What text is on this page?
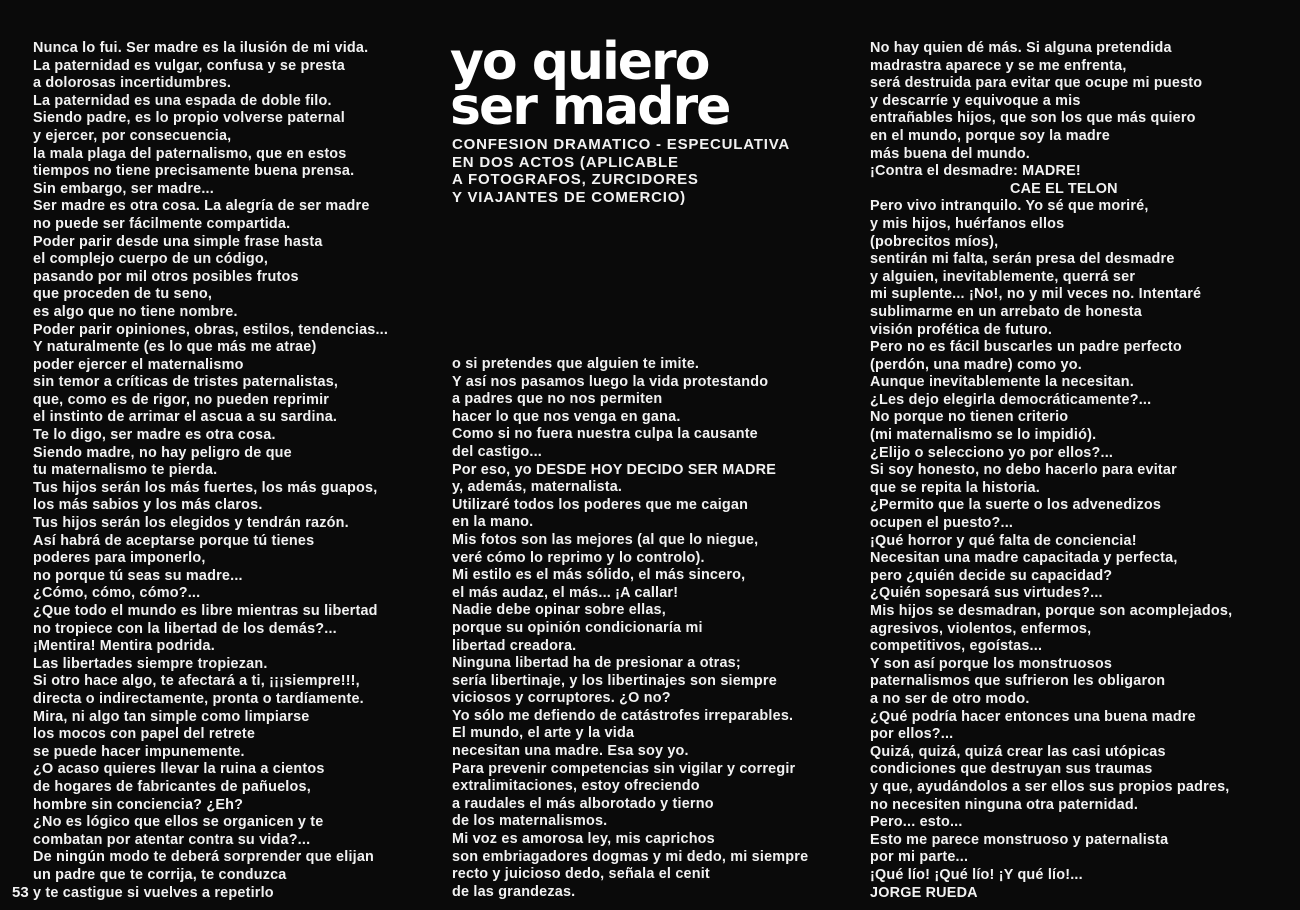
yo quiero
ser madre
CONFESION DRAMATICO - ESPECULATIVA
EN DOS ACTOS (APLICABLE
A FOTOGRAFOS, ZURCIDORES
Y VIAJANTES DE COMERCIO)
Nunca lo fui. Ser madre es la ilusión de mi vida.
La paternidad es vulgar, confusa y se presta
a dolorosas incertidumbres.
La paternidad es una espada de doble filo.
Siendo padre, es lo propio volverse paternal
y ejercer, por consecuencia,
la mala plaga del paternalismo, que en estos
tiempos no tiene precisamente buena prensa.
Sin embargo, ser madre...
Ser madre es otra cosa. La alegría de ser madre
no puede ser fácilmente compartida.
Poder parir desde una simple frase hasta
el complejo cuerpo de un código,
pasando por mil otros posibles frutos
que proceden de tu seno,
es algo que no tiene nombre.
Poder parir opiniones, obras, estilos, tendencias...
Y naturalmente (es lo que más me atrae)
poder ejercer el maternalismo
sin temor a críticas de tristes paternalistas,
que, como es de rigor, no pueden reprimir
el instinto de arrimar el ascua a su sardina.
Te lo digo, ser madre es otra cosa.
Siendo madre, no hay peligro de que
tu maternalismo te pierda.
Tus hijos serán los más fuertes, los más guapos,
los más sabios y los más claros.
Tus hijos serán los elegidos y tendrán razón.
Así habrá de aceptarse porque tú tienes
poderes para imponerlo,
no porque tú seas su madre...
¿Cómo, cómo, cómo?...
¿Que todo el mundo es libre mientras su libertad
no tropiece con la libertad de los demás?...
¡Mentira! Mentira podrida.
Las libertades siempre tropiezan.
Si otro hace algo, te afectará a ti, ¡¡¡siempre!!!,
directa o indirectamente, pronta o tardíamente.
Mira, ni algo tan simple como limpiarse
los mocos con papel del retrete
se puede hacer impunemente.
¿O acaso quieres llevar la ruina a cientos
de hogares de fabricantes de pañuelos,
hombre sin conciencia? ¿Eh?
¿No es lógico que ellos se organicen y te
combatan por atentar contra su vida?...
De ningún modo te deberá sorprender que elijan
un padre que te corrija, te conduzca
y te castigue si vuelves a repetirlo
o si pretendes que alguien te imite.
Y así nos pasamos luego la vida protestando
a padres que no nos permiten
hacer lo que nos venga en gana.
Como si no fuera nuestra culpa la causante
del castigo...
Por eso, yo DESDE HOY DECIDO SER MADRE
y, además, maternalista.
Utilizaré todos los poderes que me caigan
en la mano.
Mis fotos son las mejores (al que lo niegue,
veré cómo lo reprimo y lo controlo).
Mi estilo es el más sólido, el más sincero,
el más audaz, el más... ¡A callar!
Nadie debe opinar sobre ellas,
porque su opinión condicionaría mi
libertad creadora.
Ninguna libertad ha de presionar a otras;
sería libertinaje, y los libertinajes son siempre
viciosos y corruptores. ¿O no?
Yo sólo me defiendo de catástrofes irreparables.
El mundo, el arte y la vida
necesitan una madre. Esa soy yo.
Para prevenir competencias sin vigilar y corregir
extralimitaciones, estoy ofreciendo
a raudales el más alborotado y tierno
de los maternalismos.
Mi voz es amorosa ley, mis caprichos
son embriagadores dogmas y mi dedo, mi siempre
recto y juicioso dedo, señala el cenit
de las grandezas.
No hay quien dé más. Si alguna pretendida
madrastra aparece y se me enfrenta,
será destruida para evitar que ocupe mi puesto
y descarríe y equivoque a mis
entrañables hijos, que son los que más quiero
en el mundo, porque soy la madre
más buena del mundo.
¡Contra el desmadre: MADRE!
CAE EL TELON
Pero vivo intranquilo. Yo sé que moriré,
y mis hijos, huérfanos ellos
(pobrecitos míos),
sentirán mi falta, serán presa del desmadre
y alguien, inevitablemente, querrá ser
mi suplente... ¡No!, no y mil veces no. Intentaré
sublimarme en un arrebato de honesta
visión profética de futuro.
Pero no es fácil buscarles un padre perfecto
(perdón, una madre) como yo.
Aunque inevitablemente la necesitan.
¿Les dejo elegirla democráticamente?...
No porque no tienen criterio
(mi maternalismo se lo impidió).
¿Elijo o selecciono yo por ellos?...
Si soy honesto, no debo hacerlo para evitar
que se repita la historia.
¿Permito que la suerte o los advenedizos
ocupen el puesto?...
¡Qué horror y qué falta de conciencia!
Necesitan una madre capacitada y perfecta,
pero ¿quién decide su capacidad?
¿Quién sopesará sus virtudes?...
Mis hijos se desmadran, porque son acomplejados,
agresivos, violentos, enfermos,
competitivos, egoístas...
Y son así porque los monstruosos
paternalismos que sufrieron les obligaron
a no ser de otro modo.
¿Qué podría hacer entonces una buena madre
por ellos?...
Quizá, quizá, quizá crear las casi utópicas
condiciones que destruyan sus traumas
y que, ayudándolos a ser ellos sus propios padres,
no necesiten ninguna otra paternidad.
Pero... esto...
Esto me parece monstruoso y paternalista
por mi parte...
¡Qué lío! ¡Qué lío! ¡Y qué lío!...
JORGE RUEDA
53
